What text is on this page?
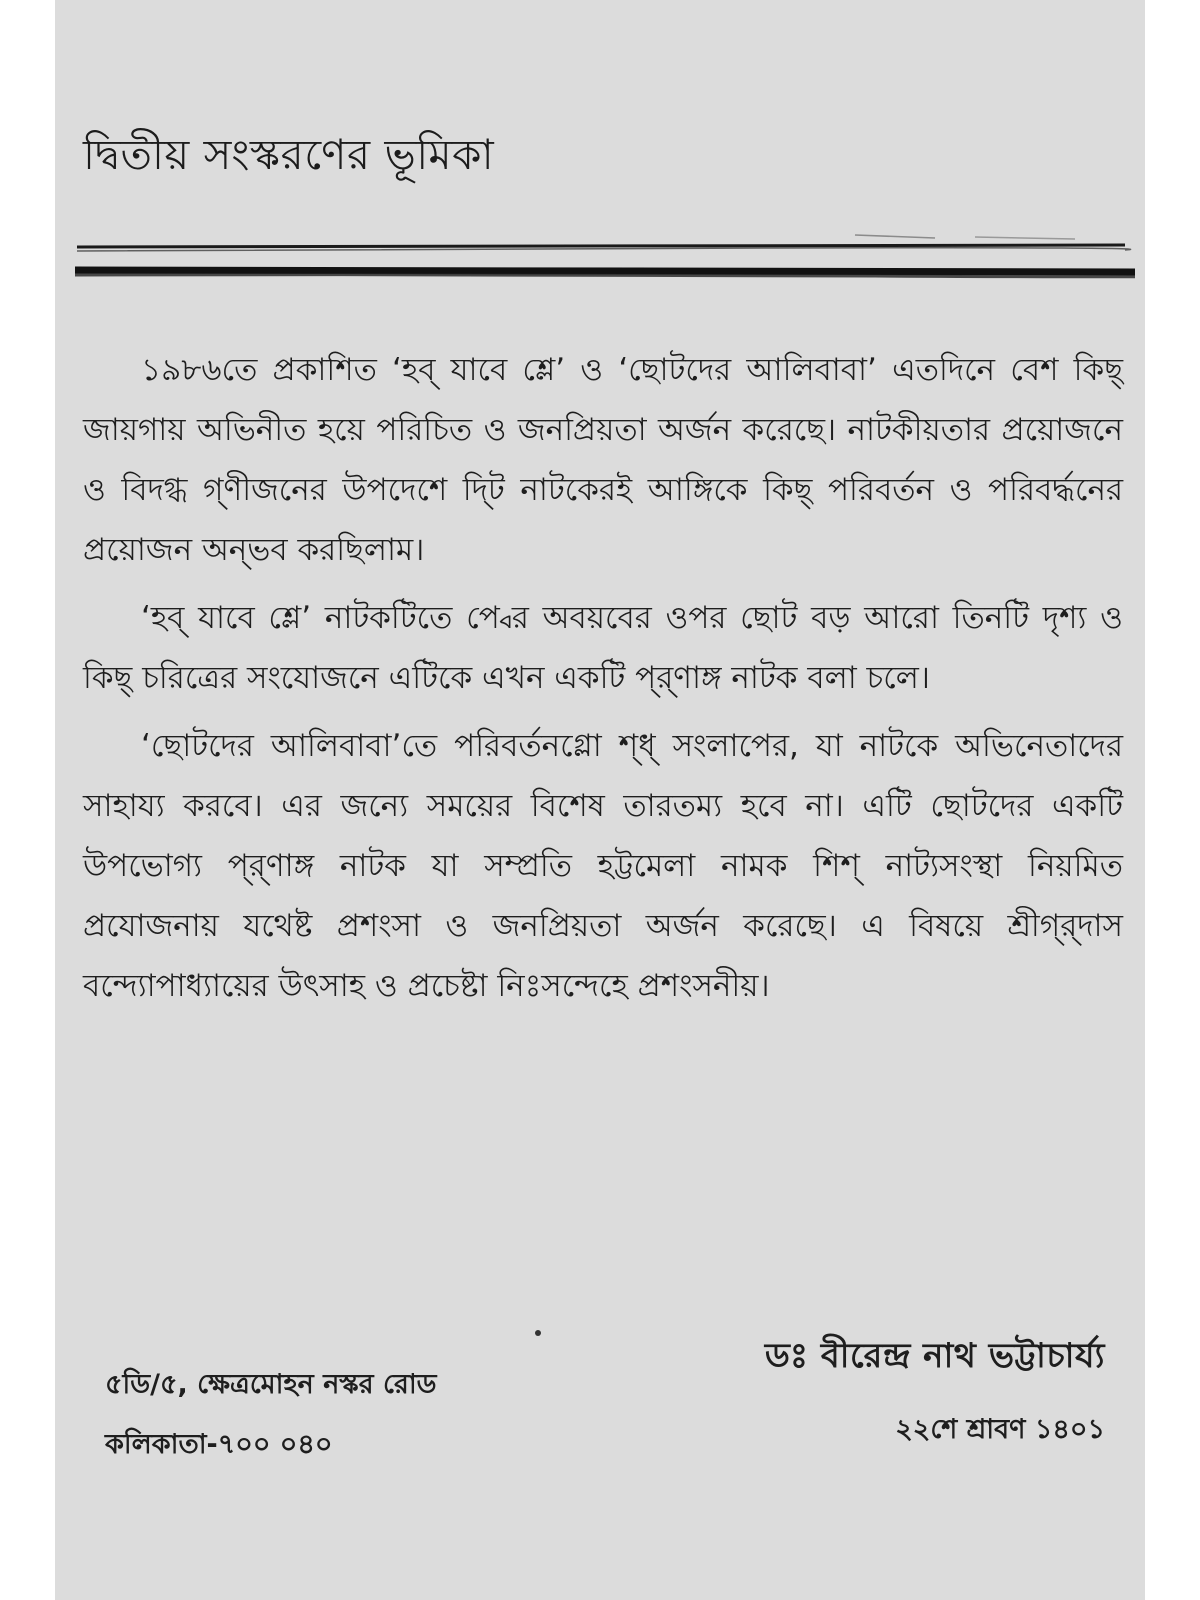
দ্বিতীয় সংস্করণের ভূমিকা

১৯৮৬তে প্রকাশিত ‘হব্ যাবে শ্লে’ ও ‘ছোটদের আলিবাবা’ এতদিনে বেশ কিছ্ জায়গায় অভিনীত হয়ে পরিচিত ও জনপ্রিয়তা অর্জন করেছে। নাটকীয়তার প্রয়োজনে ও বিদগ্ধ গ্ণীজনের উপদেশে দ্টি নাটকেরই আঙ্গিকে কিছ্ পরিবর্তন ও পরিবর্দ্ধনের প্রয়োজন অন্ভব করছিলাম।

‘হব্ যাবে শ্লে’ নাটকটিতে প্বের অবয়বের ওপর ছোট বড় আরো তিনটি দৃশ্য ও কিছ্ চরিত্রের সংযোজনে এটিকে এখন একটি প্র্ণাঙ্গ নাটক বলা চলে।

‘ছোটদের আলিবাবা’তে পরিবর্তনগ্লো শ্ধ্ সংলাপের, যা নাটকে অভিনেতাদের সাহায্য করবে। এর জন্যে সময়ের বিশেষ তারতম্য হবে না। এটি ছোটদের একটি উপভোগ্য প্র্ণাঙ্গ নাটক যা সম্প্রতি হট্টমেলা নামক শিশ্ নাট্যসংস্থা নিয়মিত প্রযোজনায় যথেষ্ট প্রশংসা ও জনপ্রিয়তা অর্জন করেছে। এ বিষয়ে শ্রীগ্র্দাস বন্দ্যোপাধ্যায়ের উৎসাহ ও প্রচেষ্টা নিঃসন্দেহে প্রশংসনীয়।

৫ডি/৫, ক্ষেত্রমোহন নস্কর রোড
কলিকাতা-৭০০ ০৪০
ডঃ বীরেন্দ্র নাথ ভট্টাচার্য্য
২২শে শ্রাবণ ১৪০১
